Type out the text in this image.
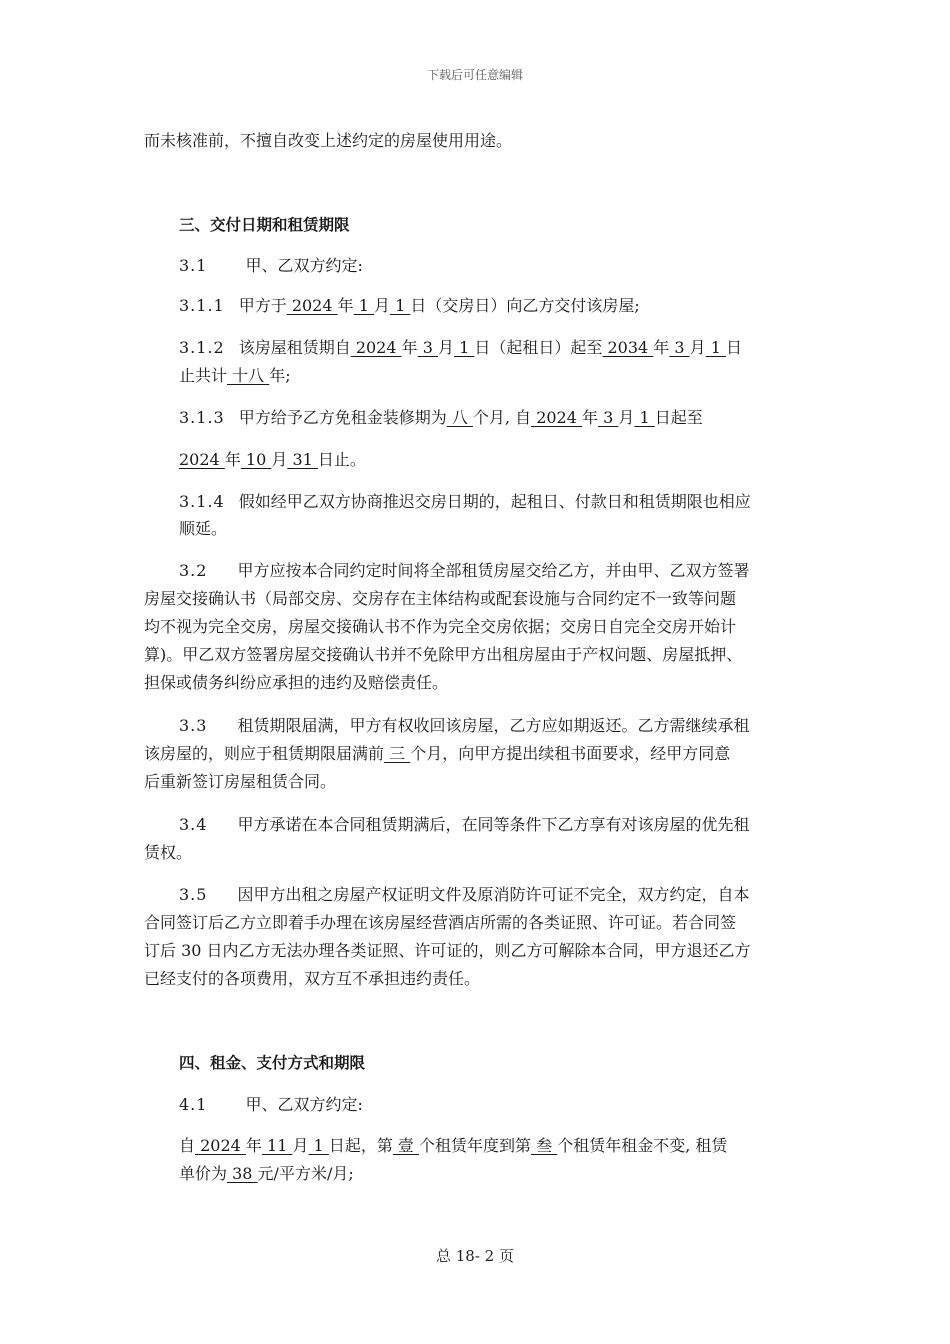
下载后可任意编辑
而未核准前，不擅自改变上述约定的房屋使用用途。
三、交付日期和租赁期限
3.1 甲、乙双方约定:
3.1.1 甲方于 2024 年 1 月 1 日（交房日）向乙方交付该房屋;
3.1.2 该房屋租赁期自 2024 年 3 月 1 日（起租日）起至 2034 年 3 月 1 日
止共计 十八 年;
3.1.3 甲方给予乙方免租金装修期为 八 个月, 自 2024 年 3 月 1 日起至
2024 年 10 月 31 日止。
3.1.4 假如经甲乙双方协商推迟交房日期的，起租日、付款日和租赁期限也相应
顺延。
3.2 甲方应按本合同约定时间将全部租赁房屋交给乙方，并由甲、乙双方签署
房屋交接确认书（局部交房、交房存在主体结构或配套设施与合同约定不一致等问题
均不视为完全交房，房屋交接确认书不作为完全交房依据；交房日自完全交房开始计
算)。甲乙双方签署房屋交接确认书并不免除甲方出租房屋由于产权问题、房屋抵押、
担保或债务纠纷应承担的违约及赔偿责任。
3.3 租赁期限届满，甲方有权收回该房屋，乙方应如期返还。乙方需继续承租
该房屋的，则应于租赁期限届满前 三 个月，向甲方提出续租书面要求，经甲方同意
后重新签订房屋租赁合同。
3.4 甲方承诺在本合同租赁期满后，在同等条件下乙方享有对该房屋的优先租
赁权。
3.5 因甲方出租之房屋产权证明文件及原消防许可证不完全，双方约定，自本
合同签订后乙方立即着手办理在该房屋经营酒店所需的各类证照、许可证。若合同签
订后 30 日内乙方无法办理各类证照、许可证的，则乙方可解除本合同，甲方退还乙方
已经支付的各项费用，双方互不承担违约责任。
四、租金、支付方式和期限
4.1 甲、乙双方约定:
自 2024 年 11 月 1 日起，第 壹 个租赁年度到第 叁 个租赁年租金不变, 租赁
单价为 38 元/平方米/月;
总 18- 2 页
